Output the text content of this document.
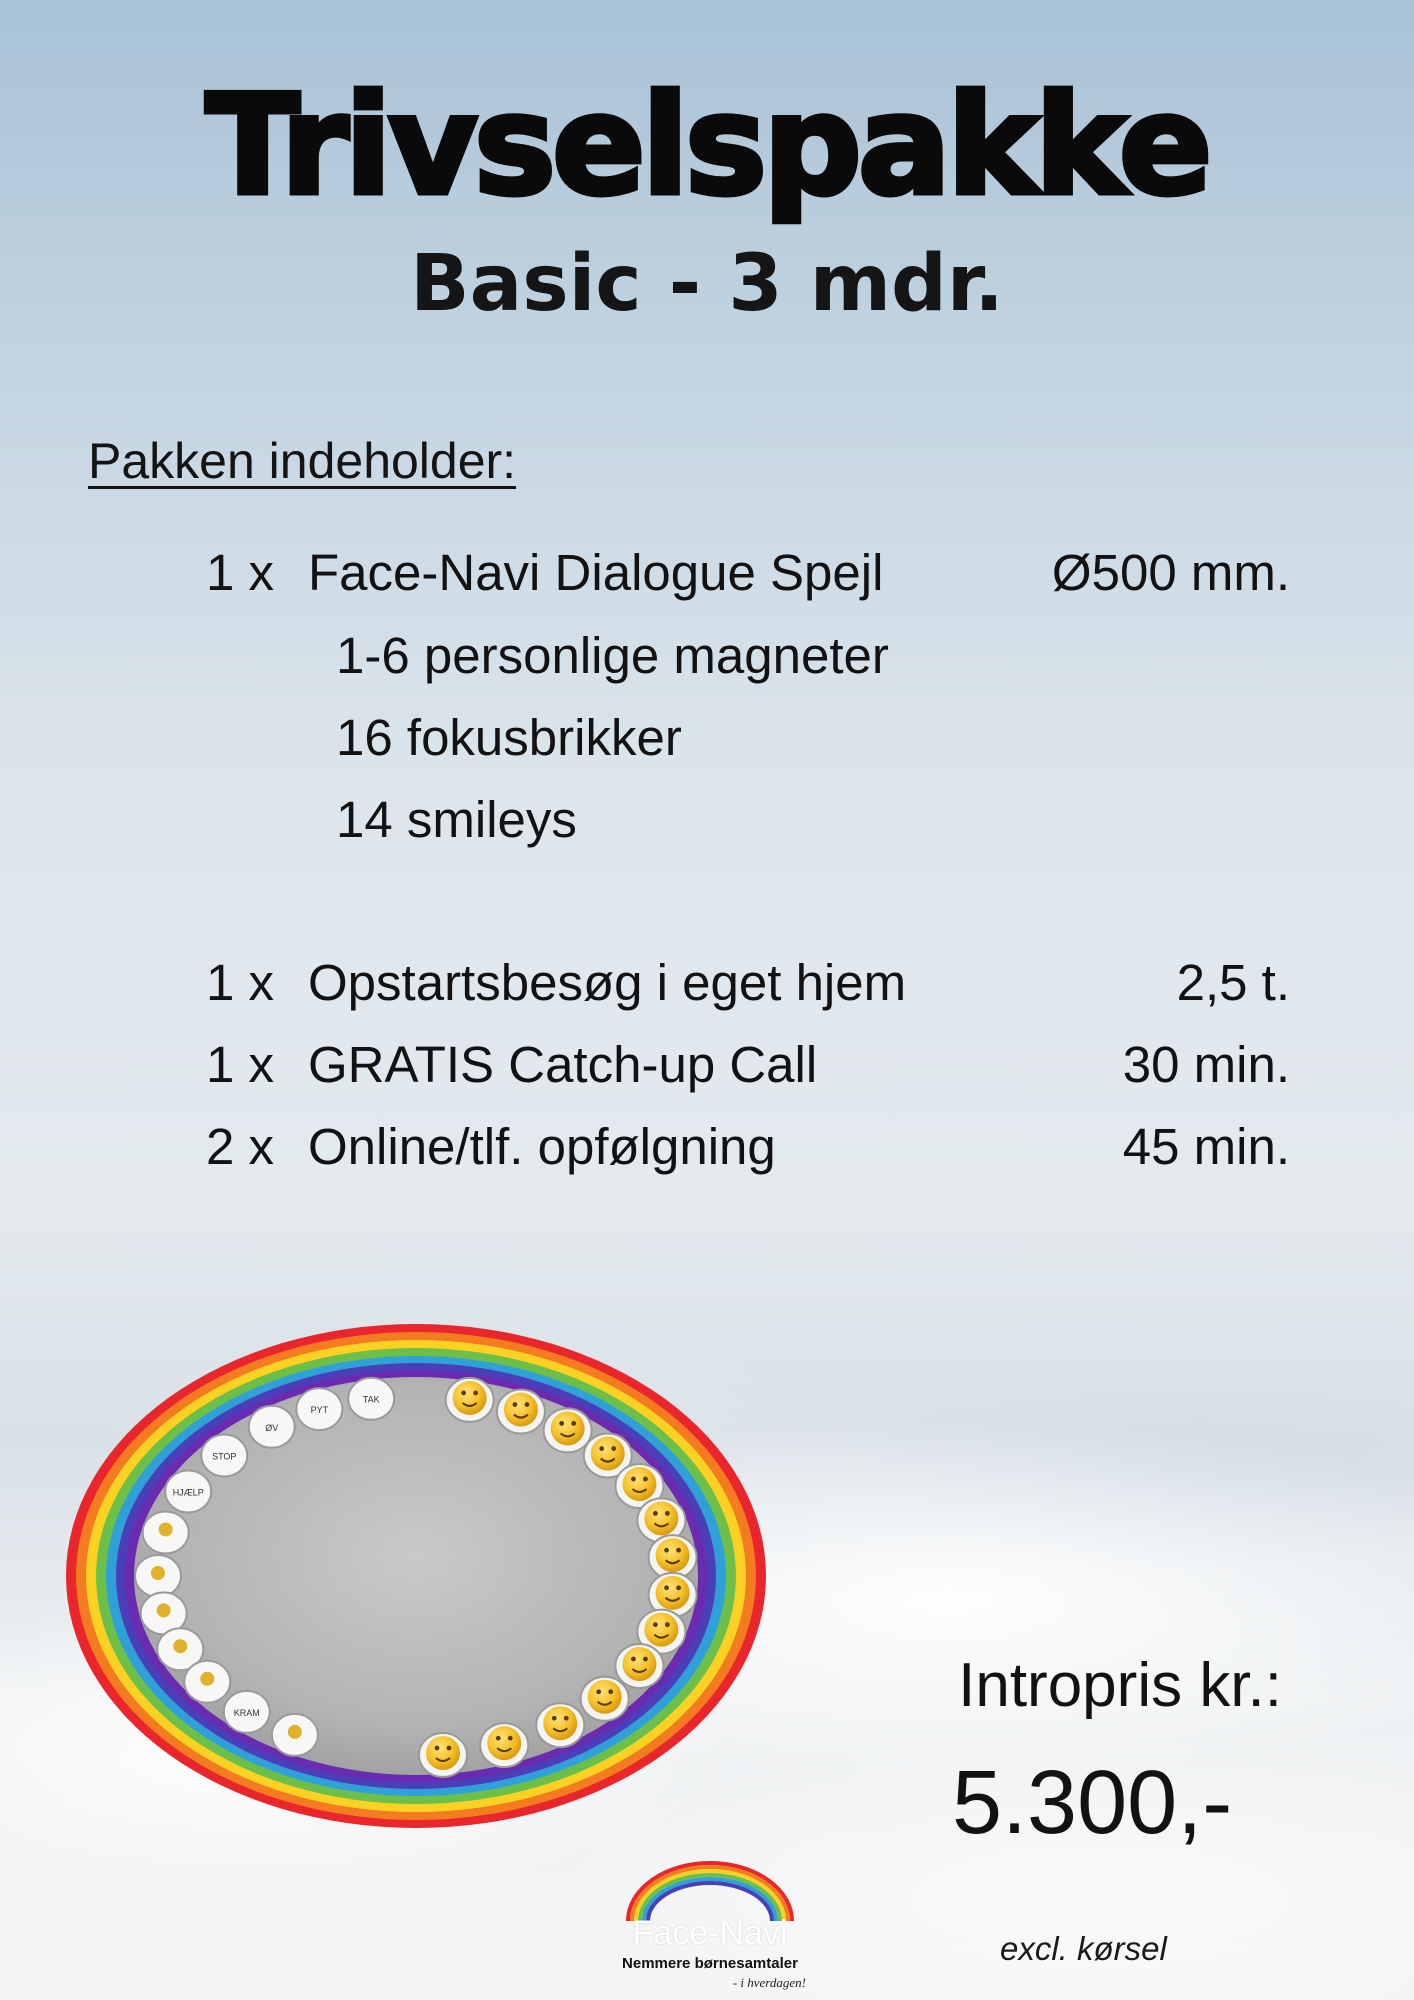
Trivselspakke
Basic - 3 mdr.
Pakken indeholder:
1 x Face-Navi Dialogue Spejl	Ø500 mm.
1-6 personlige magneter
16 fokusbrikker
14 smileys
1 x Opstartsbesøg i eget hjem	2,5 t.
1 x GRATIS Catch-up Call	30 min.
2 x Online/tlf. opfølgning	45 min.
TAK
PYT
ØV
STOP
HJÆLP
KRAM	Intropris kr.:
5.300,-
excl. kørsel
Face-Navi
Nemmere børnesamtaler
- i hverdagen!
